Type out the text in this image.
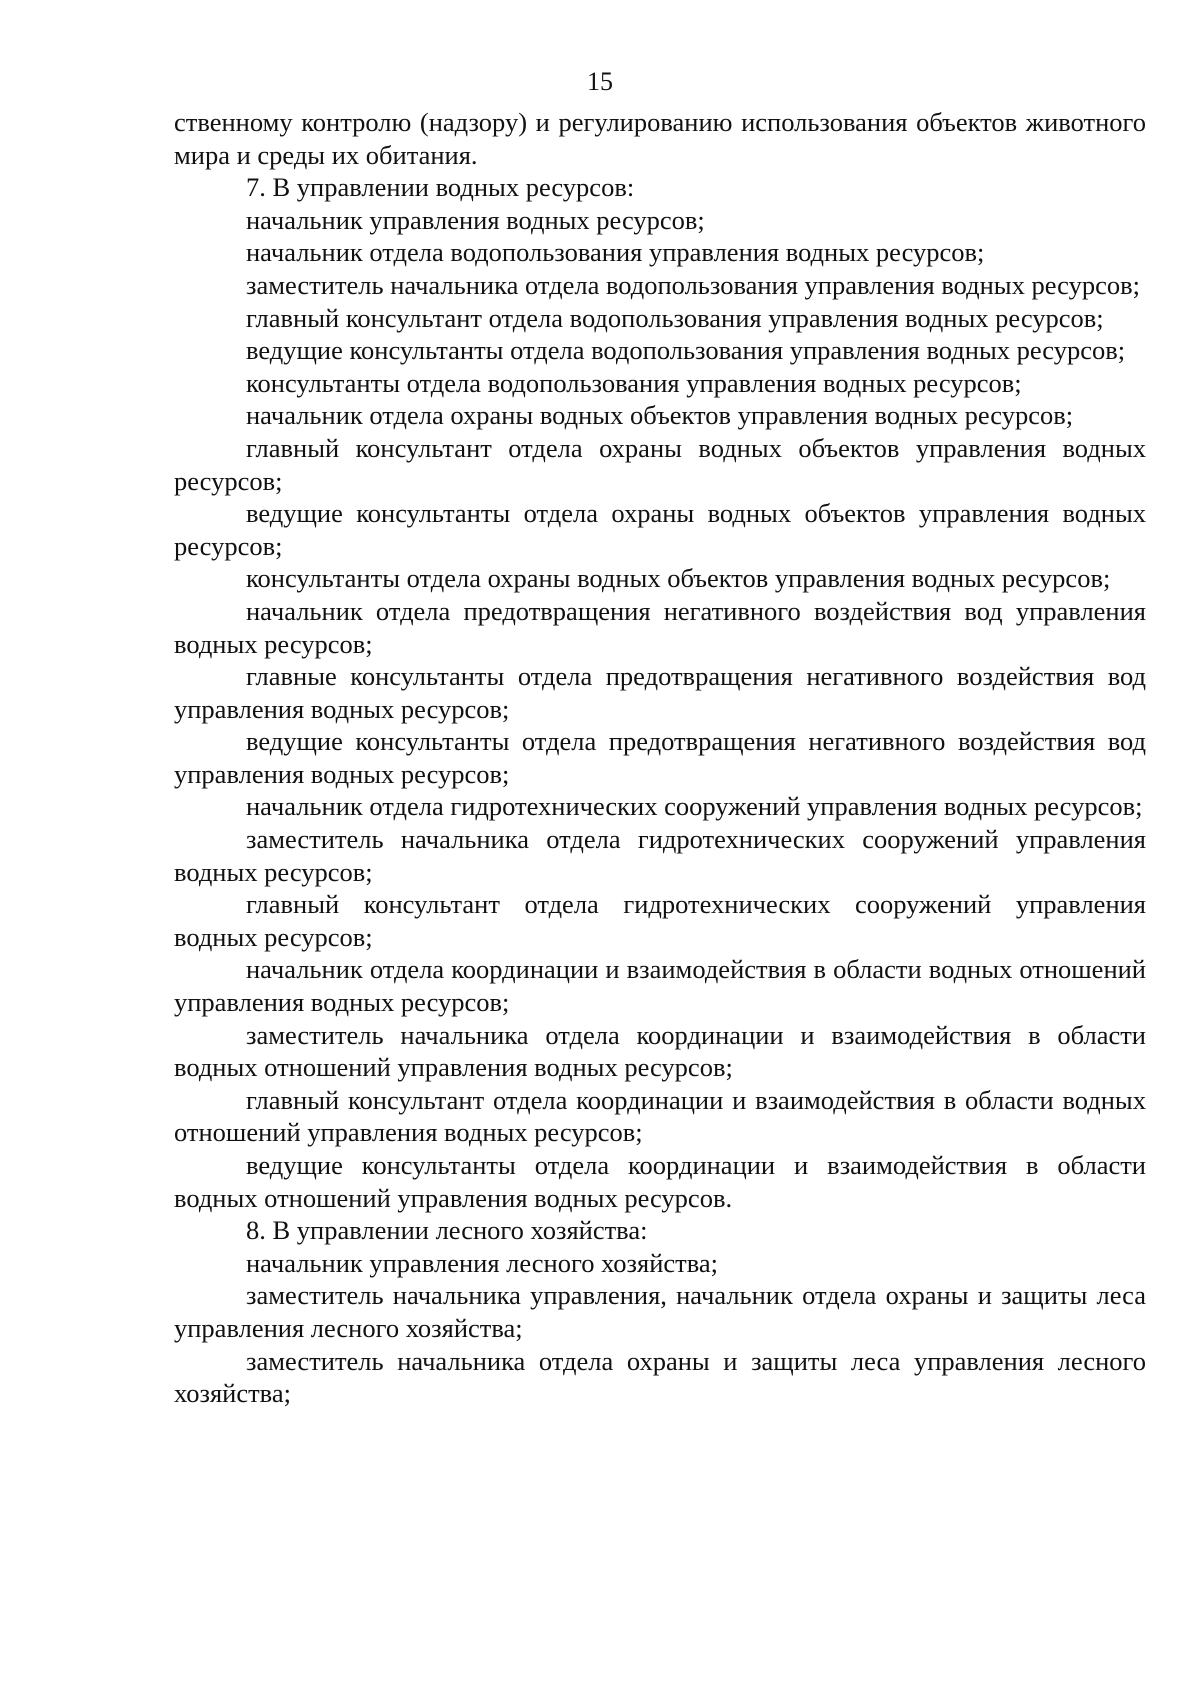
15

ственному контролю (надзору) и регулированию использования объектов животного мира и среды их обитания.

7. В управлении водных ресурсов:

начальник управления водных ресурсов;

начальник отдела водопользования управления водных ресурсов;

заместитель начальника отдела водопользования управления водных ресурсов;

главный консультант отдела водопользования управления водных ресурсов;

ведущие консультанты отдела водопользования управления водных ресурсов;

консультанты отдела водопользования управления водных ресурсов;

начальник отдела охраны водных объектов управления водных ресурсов;

главный консультант отдела охраны водных объектов управления водных ресурсов;

ведущие консультанты отдела охраны водных объектов управления водных ресурсов;

консультанты отдела охраны водных объектов управления водных ресурсов;

начальник отдела предотвращения негативного воздействия вод управления водных ресурсов;

главные консультанты отдела предотвращения негативного воздействия вод управления водных ресурсов;

ведущие консультанты отдела предотвращения негативного воздействия вод управления водных ресурсов;

начальник отдела гидротехнических сооружений управления водных ресурсов;

заместитель начальника отдела гидротехнических сооружений управления водных ресурсов;

главный консультант отдела гидротехнических сооружений управления водных ресурсов;

начальник отдела координации и взаимодействия в области водных отношений управления водных ресурсов;

заместитель начальника отдела координации и взаимодействия в области водных отношений управления водных ресурсов;

главный консультант отдела координации и взаимодействия в области водных отношений управления водных ресурсов;

ведущие консультанты отдела координации и взаимодействия в области водных отношений управления водных ресурсов.

8. В управлении лесного хозяйства:

начальник управления лесного хозяйства;

заместитель начальника управления, начальник отдела охраны и защиты леса управления лесного хозяйства;

заместитель начальника отдела охраны и защиты леса управления лесного хозяйства;
